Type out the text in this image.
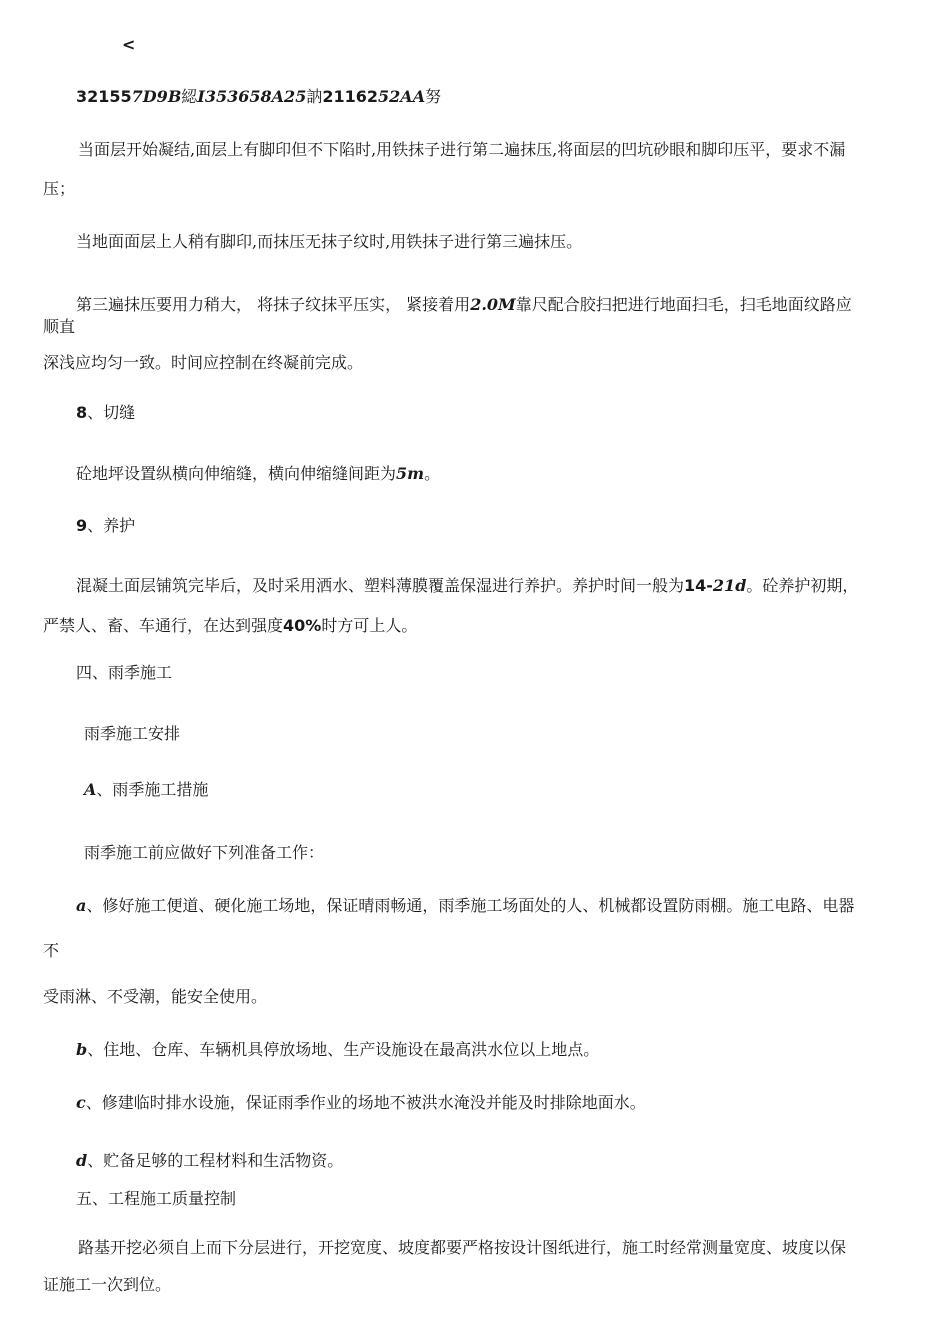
<
321557D9B綛I353658A25訥2116252AA努
当面层开始凝结,面层上有脚印但不下陷时,用铁抹子进行第二遍抹压,将面层的凹坑砂眼和脚印压平，要求不漏
压；
当地面面层上人稍有脚印,而抹压无抹子纹时,用铁抹子进行第三遍抹压。
第三遍抹压要用力稍大， 将抹子纹抹平压实， 紧接着用2.0M靠尺配合胶扫把进行地面扫毛，扫毛地面纹路应
顺直
深浅应均匀一致。时间应控制在终凝前完成。
8、切缝
砼地坪设置纵横向伸缩缝，横向伸缩缝间距为5m。
9、养护
混凝土面层铺筑完毕后，及时采用洒水、塑料薄膜覆盖保湿进行养护。养护时间一般为14-21d。砼养护初期，
严禁人、畜、车通行，在达到强度40%时方可上人。
四、雨季施工
雨季施工安排
A、雨季施工措施
雨季施工前应做好下列准备工作：
a、修好施工便道、硬化施工场地，保证晴雨畅通，雨季施工场面处的人、机械都设置防雨棚。施工电路、电器
不
受雨淋、不受潮，能安全使用。
b、住地、仓库、车辆机具停放场地、生产设施设在最高洪水位以上地点。
c、修建临时排水设施，保证雨季作业的场地不被洪水淹没并能及时排除地面水。
d、贮备足够的工程材料和生活物资。
五、工程施工质量控制
路基开挖必须自上而下分层进行，开挖宽度、坡度都要严格按设计图纸进行，施工时经常测量宽度、坡度以保
证施工一次到位。
